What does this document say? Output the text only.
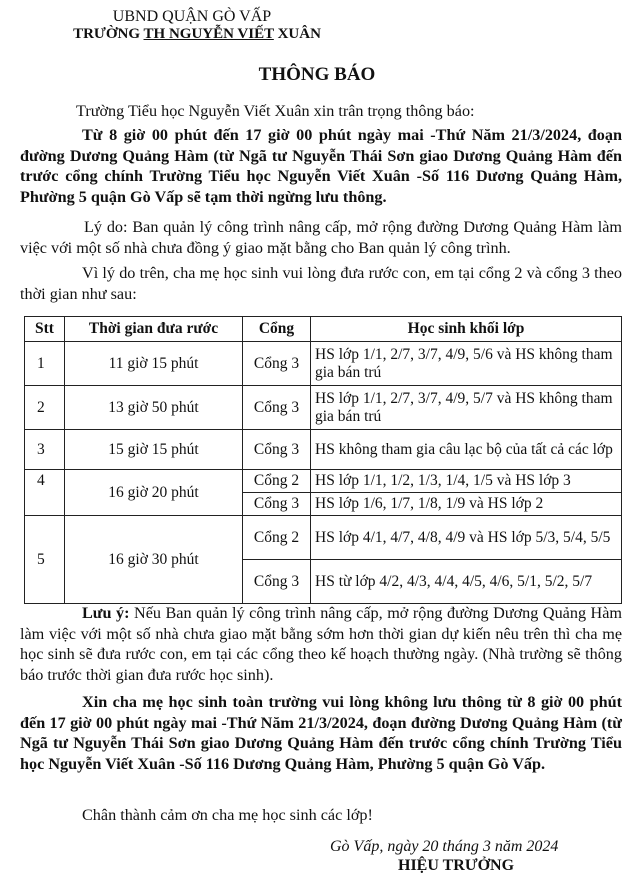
UBND QUẬN GÒ VẤP
TRƯỜNG TH NGUYỄN VIẾT XUÂN
THÔNG BÁO
Trường Tiểu học Nguyễn Viết Xuân xin trân trọng thông báo:
Từ 8 giờ 00 phút đến 17 giờ 00 phút ngày mai -Thứ Năm 21/3/2024, đoạn đường Dương Quảng Hàm (từ Ngã tư Nguyễn Thái Sơn giao Dương Quảng Hàm đến trước cổng chính Trường Tiểu học Nguyễn Viết Xuân -Số 116 Dương Quảng Hàm, Phường 5 quận Gò Vấp sẽ tạm thời ngừng lưu thông.
Lý do: Ban quản lý công trình nâng cấp, mở rộng đường Dương Quảng Hàm làm việc với một số nhà chưa đồng ý giao mặt bằng cho Ban quản lý công trình.
Vì lý do trên, cha mẹ học sinh vui lòng đưa rước con, em tại cổng 2 và cổng 3 theo thời gian như sau:
Stt	Thời gian đưa rước	Cổng	Học sinh khối lớp
1	11 giờ 15 phút	Cổng 3	HS lớp 1/1, 2/7, 3/7, 4/9, 5/6 và HS không tham gia bán trú
2	13 giờ 50 phút	Cổng 3	HS lớp 1/1, 2/7, 3/7, 4/9, 5/7 và HS không tham gia bán trú
3	15 giờ 15 phút	Cổng 3	HS không tham gia câu lạc bộ của tất cả các lớp
4	16 giờ 20 phút	Cổng 2	HS lớp 1/1, 1/2, 1/3, 1/4, 1/5 và HS lớp 3
		Cổng 3	HS lớp 1/6, 1/7, 1/8, 1/9 và HS lớp 2
5	16 giờ 30 phút	Cổng 2	HS lớp 4/1, 4/7, 4/8, 4/9 và HS lớp 5/3, 5/4, 5/5
		Cổng 3	HS từ lớp 4/2, 4/3, 4/4, 4/5, 4/6, 5/1, 5/2, 5/7
Lưu ý: Nếu Ban quản lý công trình nâng cấp, mở rộng đường Dương Quảng Hàm làm việc với một số nhà chưa giao mặt bằng sớm hơn thời gian dự kiến nêu trên thì cha mẹ học sinh sẽ đưa rước con, em tại các cổng theo kế hoạch thường ngày. (Nhà trường sẽ thông báo trước thời gian đưa rước học sinh).
Xin cha mẹ học sinh toàn trường vui lòng không lưu thông từ 8 giờ 00 phút đến 17 giờ 00 phút ngày mai -Thứ Năm 21/3/2024, đoạn đường Dương Quảng Hàm (từ Ngã tư Nguyễn Thái Sơn giao Dương Quảng Hàm đến trước cổng chính Trường Tiểu học Nguyễn Viết Xuân -Số 116 Dương Quảng Hàm, Phường 5 quận Gò Vấp.
Chân thành cảm ơn cha mẹ học sinh các lớp!
Gò Vấp, ngày 20 tháng 3 năm 2024
HIỆU TRƯỞNG
